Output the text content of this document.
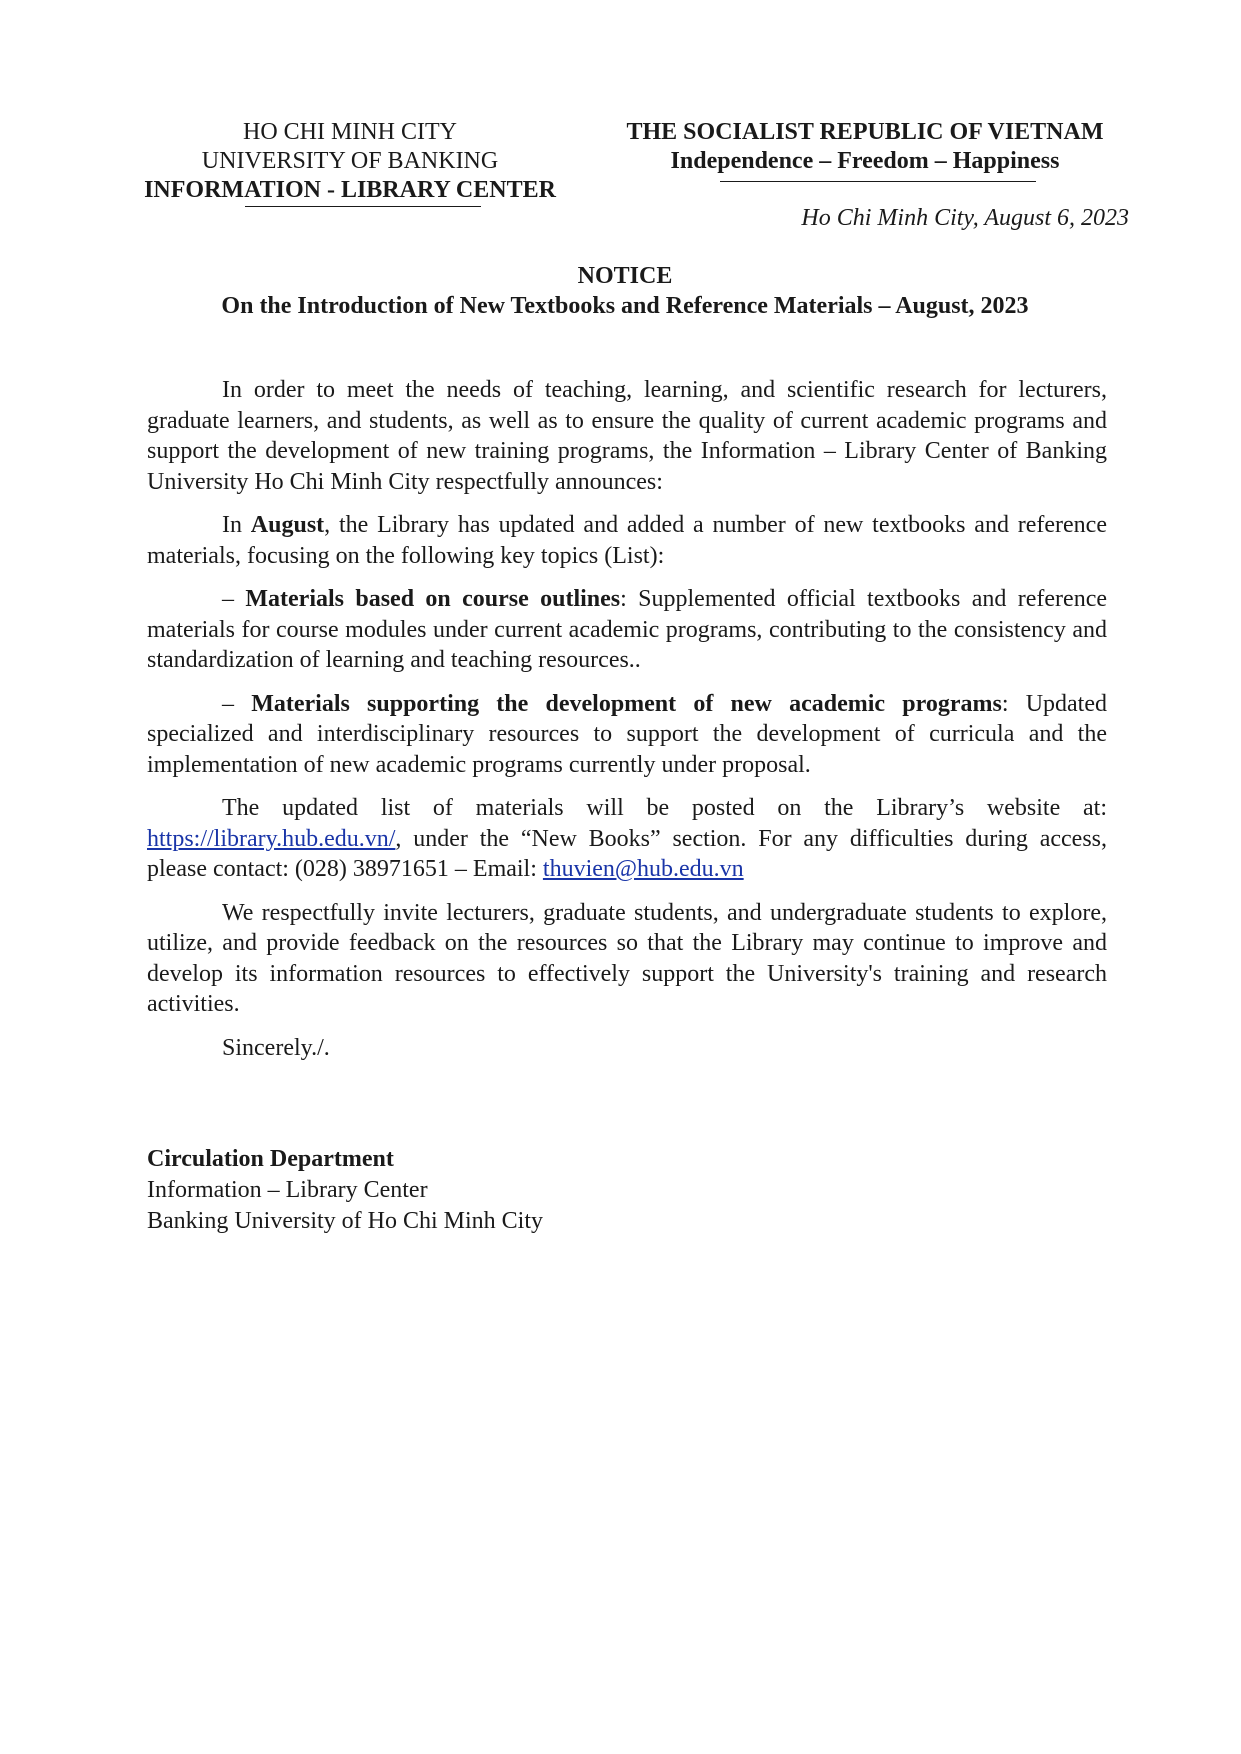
HO CHI MINH CITY
UNIVERSITY OF BANKING
INFORMATION - LIBRARY CENTER
THE SOCIALIST REPUBLIC OF VIETNAM
Independence – Freedom – Happiness
Ho Chi Minh City, August 6, 2023
NOTICE
On the Introduction of New Textbooks and Reference Materials – August, 2023

In order to meet the needs of teaching, learning, and scientific research for lecturers, graduate learners, and students, as well as to ensure the quality of current academic programs and support the development of new training programs, the Information – Library Center of Banking University Ho Chi Minh City respectfully announces:

In August, the Library has updated and added a number of new textbooks and reference materials, focusing on the following key topics (List):

– Materials based on course outlines: Supplemented official textbooks and reference materials for course modules under current academic programs, contributing to the consistency and standardization of learning and teaching resources..

– Materials supporting the development of new academic programs: Updated specialized and interdisciplinary resources to support the development of curricula and the implementation of new academic programs currently under proposal.

The updated list of materials will be posted on the Library’s website at: https://library.hub.edu.vn/, under the “New Books” section. For any difficulties during access, please contact: (028) 38971651 – Email: thuvien@hub.edu.vn

We respectfully invite lecturers, graduate students, and undergraduate students to explore, utilize, and provide feedback on the resources so that the Library may continue to improve and develop its information resources to effectively support the University's training and research activities.

Sincerely./.

Circulation Department
Information – Library Center
Banking University of Ho Chi Minh City
